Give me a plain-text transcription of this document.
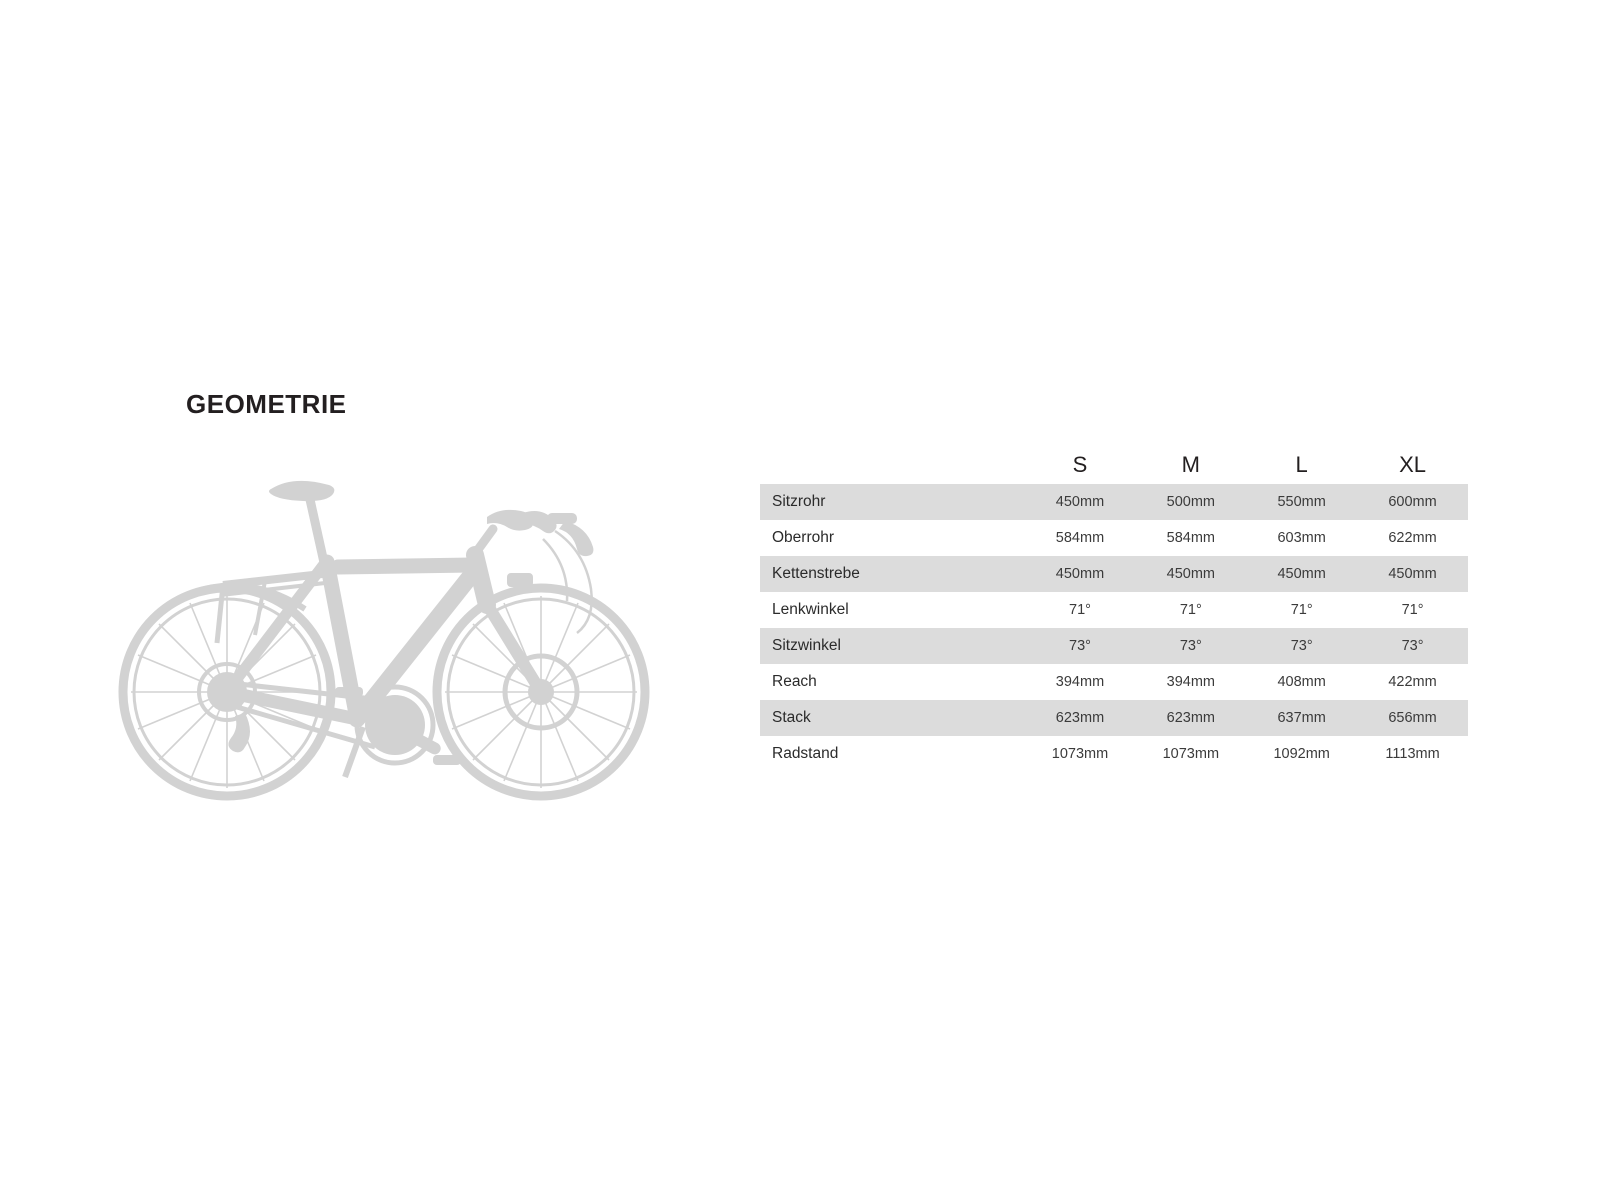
GEOMETRIE
	S	M	L	XL
Sitzrohr	450mm	500mm	550mm	600mm
Oberrohr	584mm	584mm	603mm	622mm
Kettenstrebe	450mm	450mm	450mm	450mm
Lenkwinkel	71°	71°	71°	71°
Sitzwinkel	73°	73°	73°	73°
Reach	394mm	394mm	408mm	422mm
Stack	623mm	623mm	637mm	656mm
Radstand	1073mm	1073mm	1092mm	1113mm
